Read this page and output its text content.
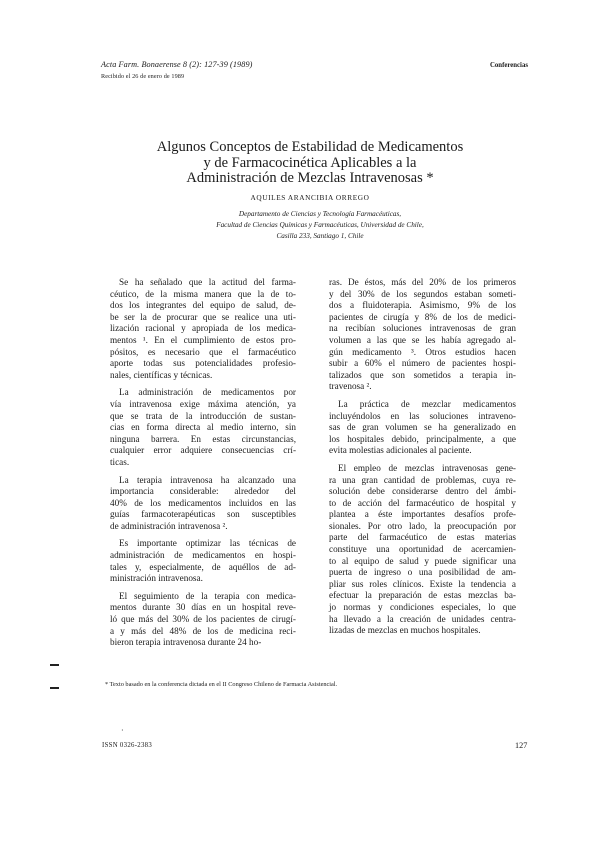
Acta Farm. Bonaerense 8 (2): 127-39 (1989)
Recibido el 26 de enero de 1989
Conferencias
Algunos Conceptos de Estabilidad de Medicamentos
y de Farmacocinética Aplicables a la
Administración de Mezclas Intravenosas *
AQUILES ARANCIBIA ORREGO
Departamento de Ciencias y Tecnología Farmacéuticas,
Facultad de Ciencias Químicas y Farmacéuticas, Universidad de Chile,
Casilla 233, Santiago 1, Chile

Se ha señalado que la actitud del farma-
céutico, de la misma manera que la de to-
dos los integrantes del equipo de salud, de-
be ser la de procurar que se realice una uti-
lización racional y apropiada de los medica-
mentos ¹. En el cumplimiento de estos pro-
pósitos, es necesario que el farmacéutico
aporte todas sus potencialidades profesio-
nales, científicas y técnicas.

La administración de medicamentos por
vía intravenosa exige máxima atención, ya
que se trata de la introducción de sustan-
cias en forma directa al medio interno, sin
ninguna barrera. En estas circunstancias,
cualquier error adquiere consecuencias crí-
ticas.

La terapia intravenosa ha alcanzado una
importancia considerable: alrededor del
40% de los medicamentos incluidos en las
guías farmacoterapéuticas son susceptibles
de administración intravenosa ².

Es importante optimizar las técnicas de
administración de medicamentos en hospi-
tales y, especialmente, de aquéllos de ad-
ministración intravenosa.

El seguimiento de la terapia con medica-
mentos durante 30 días en un hospital reve-
ló que más del 30% de los pacientes de cirugí-
a y más del 48% de los de medicina reci-
bieron terapia intravenosa durante 24 ho-

ras. De éstos, más del 20% de los primeros
y del 30% de los segundos estaban someti-
dos a fluidoterapia. Asimismo, 9% de los
pacientes de cirugía y 8% de los de medici-
na recibían soluciones intravenosas de gran
volumen a las que se les había agregado al-
gún medicamento ³. Otros estudios hacen
subir a 60% el número de pacientes hospi-
talizados que son sometidos a terapia in-
travenosa ².

La práctica de mezclar medicamentos
incluyéndolos en las soluciones intraveno-
sas de gran volumen se ha generalizado en
los hospitales debido, principalmente, a que
evita molestias adicionales al paciente.

El empleo de mezclas intravenosas gene-
ra una gran cantidad de problemas, cuya re-
solución debe considerarse dentro del ámbi-
to de acción del farmacéutico de hospital y
plantea a éste importantes desafíos profe-
sionales. Por otro lado, la preocupación por
parte del farmacéutico de estas materias
constituye una oportunidad de acercamien-
to al equipo de salud y puede significar una
puerta de ingreso o una posibilidad de am-
pliar sus roles clínicos. Existe la tendencia a
efectuar la preparación de estas mezclas ba-
jo normas y condiciones especiales, lo que
ha llevado a la creación de unidades centra-
lizadas de mezclas en muchos hospitales.

* Texto basado en la conferencia dictada en el II Congreso Chileno de Farmacia Asistencial.
·
ISSN 0326-2383	127
